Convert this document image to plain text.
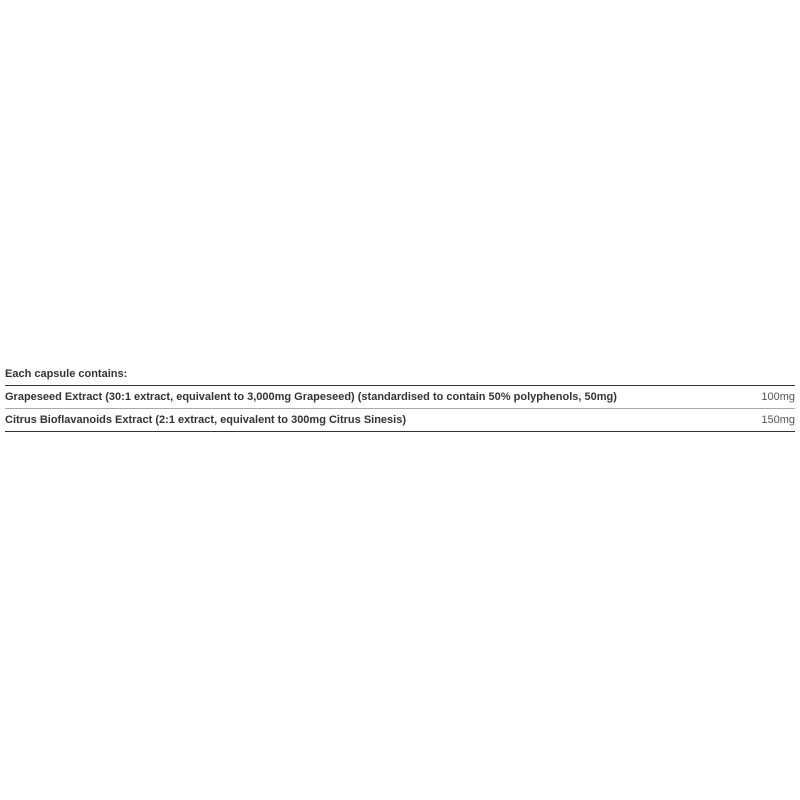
Each capsule contains:
Grapeseed Extract (30:1 extract, equivalent to 3,000mg Grapeseed) (standardised to contain 50% polyphenols, 50mg)	100mg
Citrus Bioflavanoids Extract (2:1 extract, equivalent to 300mg Citrus Sinesis)	150mg
